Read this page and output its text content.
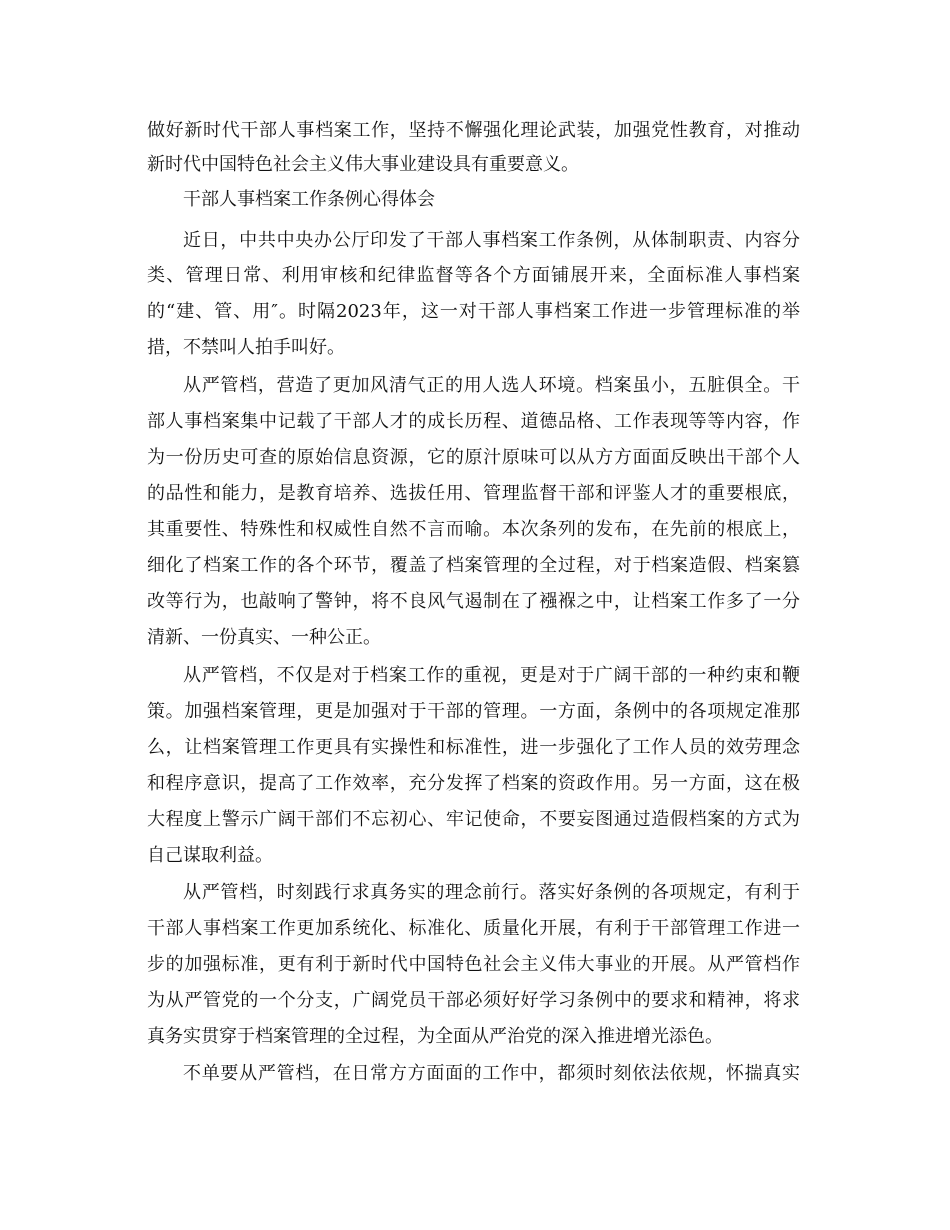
做好新时代干部人事档案工作，坚持不懈强化理论武装，加强党性教育，对推动
新时代中国特色社会主义伟大事业建设具有重要意义。
干部人事档案工作条例心得体会
近日，中共中央办公厅印发了干部人事档案工作条例，从体制职责、内容分
类、管理日常、利用审核和纪律监督等各个方面铺展开来，全面标准人事档案
的“建、管、用″。时隔2023年，这一对干部人事档案工作进一步管理标准的举
措，不禁叫人拍手叫好。
从严管档，营造了更加风清气正的用人选人环境。档案虽小，五脏俱全。干
部人事档案集中记载了干部人才的成长历程、道德品格、工作表现等等内容，作
为一份历史可查的原始信息资源，它的原汁原味可以从方方面面反映出干部个人
的品性和能力，是教育培养、选拔任用、管理监督干部和评鉴人才的重要根底，
其重要性、特殊性和权威性自然不言而喻。本次条列的发布，在先前的根底上，
细化了档案工作的各个环节，覆盖了档案管理的全过程，对于档案造假、档案篡
改等行为，也敲响了警钟，将不良风气遏制在了襁褓之中，让档案工作多了一分
清新、一份真实、一种公正。
从严管档，不仅是对于档案工作的重视，更是对于广阔干部的一种约束和鞭
策。加强档案管理，更是加强对于干部的管理。一方面，条例中的各项规定准那
么，让档案管理工作更具有实操性和标准性，进一步强化了工作人员的效劳理念
和程序意识，提高了工作效率，充分发挥了档案的资政作用。另一方面，这在极
大程度上警示广阔干部们不忘初心、牢记使命，不要妄图通过造假档案的方式为
自己谋取利益。
从严管档，时刻践行求真务实的理念前行。落实好条例的各项规定，有利于
干部人事档案工作更加系统化、标准化、质量化开展，有利于干部管理工作进一
步的加强标准，更有利于新时代中国特色社会主义伟大事业的开展。从严管档作
为从严管党的一个分支，广阔党员干部必须好好学习条例中的要求和精神，将求
真务实贯穿于档案管理的全过程，为全面从严治党的深入推进增光添色。
不单要从严管档，在日常方方面面的工作中，都须时刻依法依规，怀揣真实
